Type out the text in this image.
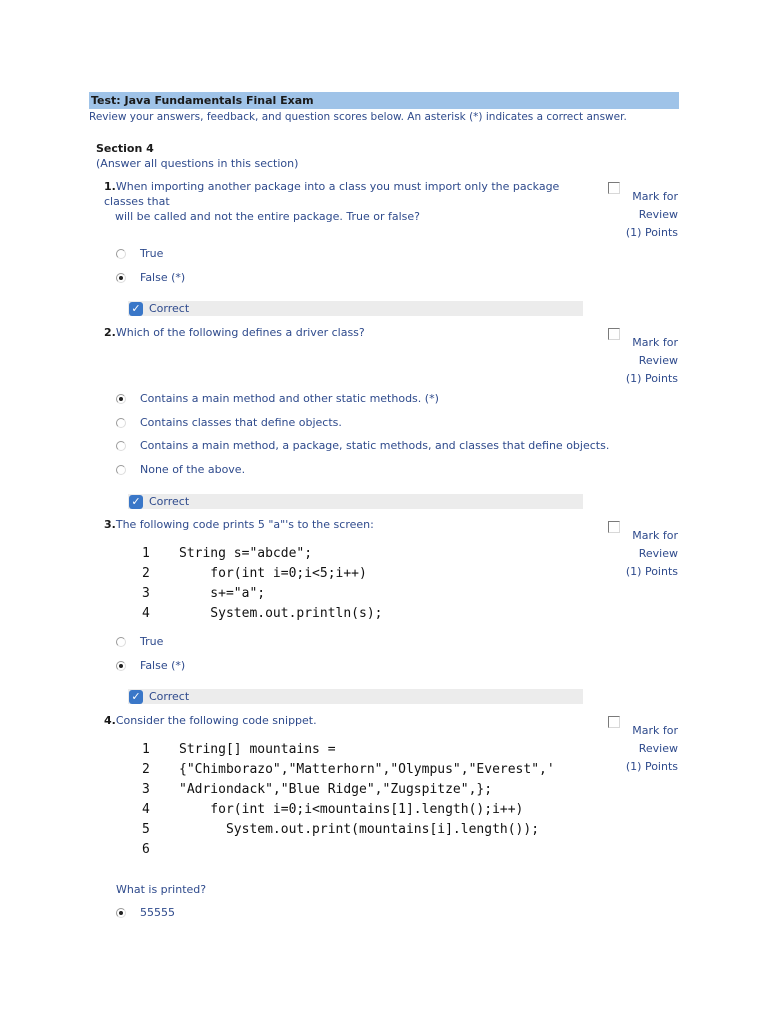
Test: Java Fundamentals Final Exam
Review your answers, feedback, and question scores below. An asterisk (*) indicates a correct answer.
Section 4
(Answer all questions in this section)
1.When importing another package into a class you must import only the package classes that
will be called and not the entire package. True or false?
Mark for
Review
(1) Points
True
False (*)
✓ Correct
2.Which of the following defines a driver class?
Mark for
Review
(1) Points
Contains a main method and other static methods. (*)
Contains classes that define objects.
Contains a main method, a package, static methods, and classes that define objects.
None of the above.
✓ Correct
3.The following code prints 5 "a"'s to the screen:
Mark for
Review
(1) Points
1	String s="abcde";
2	for(int i=0;i<5;i++)
3	s+="a";
4	System.out.println(s);
True
False (*)
✓ Correct
4.Consider the following code snippet.
Mark for
Review
(1) Points
1	String[] mountains =
2	{"Chimborazo","Matterhorn","Olympus","Everest",'
3	"Adriondack","Blue Ridge","Zugspitze",};
4	for(int i=0;i<mountains[1].length();i++)
5	System.out.print(mountains[i].length());
6
What is printed?
55555
